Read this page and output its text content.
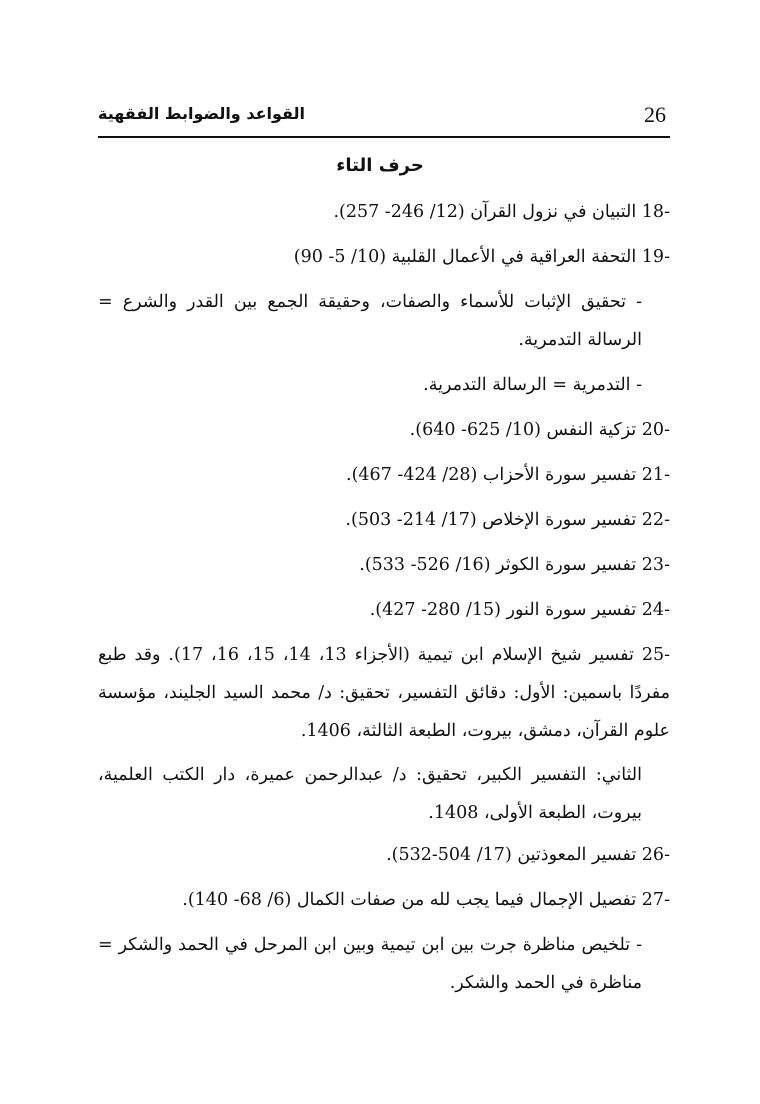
26
القواعد والضوابط الفقهية
حرف التاء
-18 التبيان في نزول القرآن (12/ 246- 257).
-19 التحفة العراقية في الأعمال القلبية (10/ 5- 90)
- تحقيق الإثبات للأسماء والصفات، وحقيقة الجمع بين القدر والشرع = الرسالة التدمرية.
- التدمرية = الرسالة التدمرية.
-20 تزكية النفس (10/ 625- 640).
-21 تفسير سورة الأحزاب (28/ 424- 467).
-22 تفسير سورة الإخلاص (17/ 214- 503).
-23 تفسير سورة الكوثر (16/ 526- 533).
-24 تفسير سورة النور (15/ 280- 427).
-25 تفسير شيخ الإسلام ابن تيمية (الأجزاء 13، 14، 15، 16، 17). وقد طبع مفردًا باسمين: الأول: دقائق التفسير، تحقيق: د/ محمد السيد الجليند، مؤسسة علوم القرآن، دمشق، بيروت، الطبعة الثالثة، 1406.
الثاني: التفسير الكبير، تحقيق: د/ عبدالرحمن عميرة، دار الكتب العلمية، بيروت، الطبعة الأولى، 1408.
-26 تفسير المعوذتين (17/ 504-532).
-27 تفصيل الإجمال فيما يجب لله من صفات الكمال (6/ 68- 140).
- تلخيص مناظرة جرت بين ابن تيمية وبين ابن المرحل في الحمد والشكر = مناظرة في الحمد والشكر.
